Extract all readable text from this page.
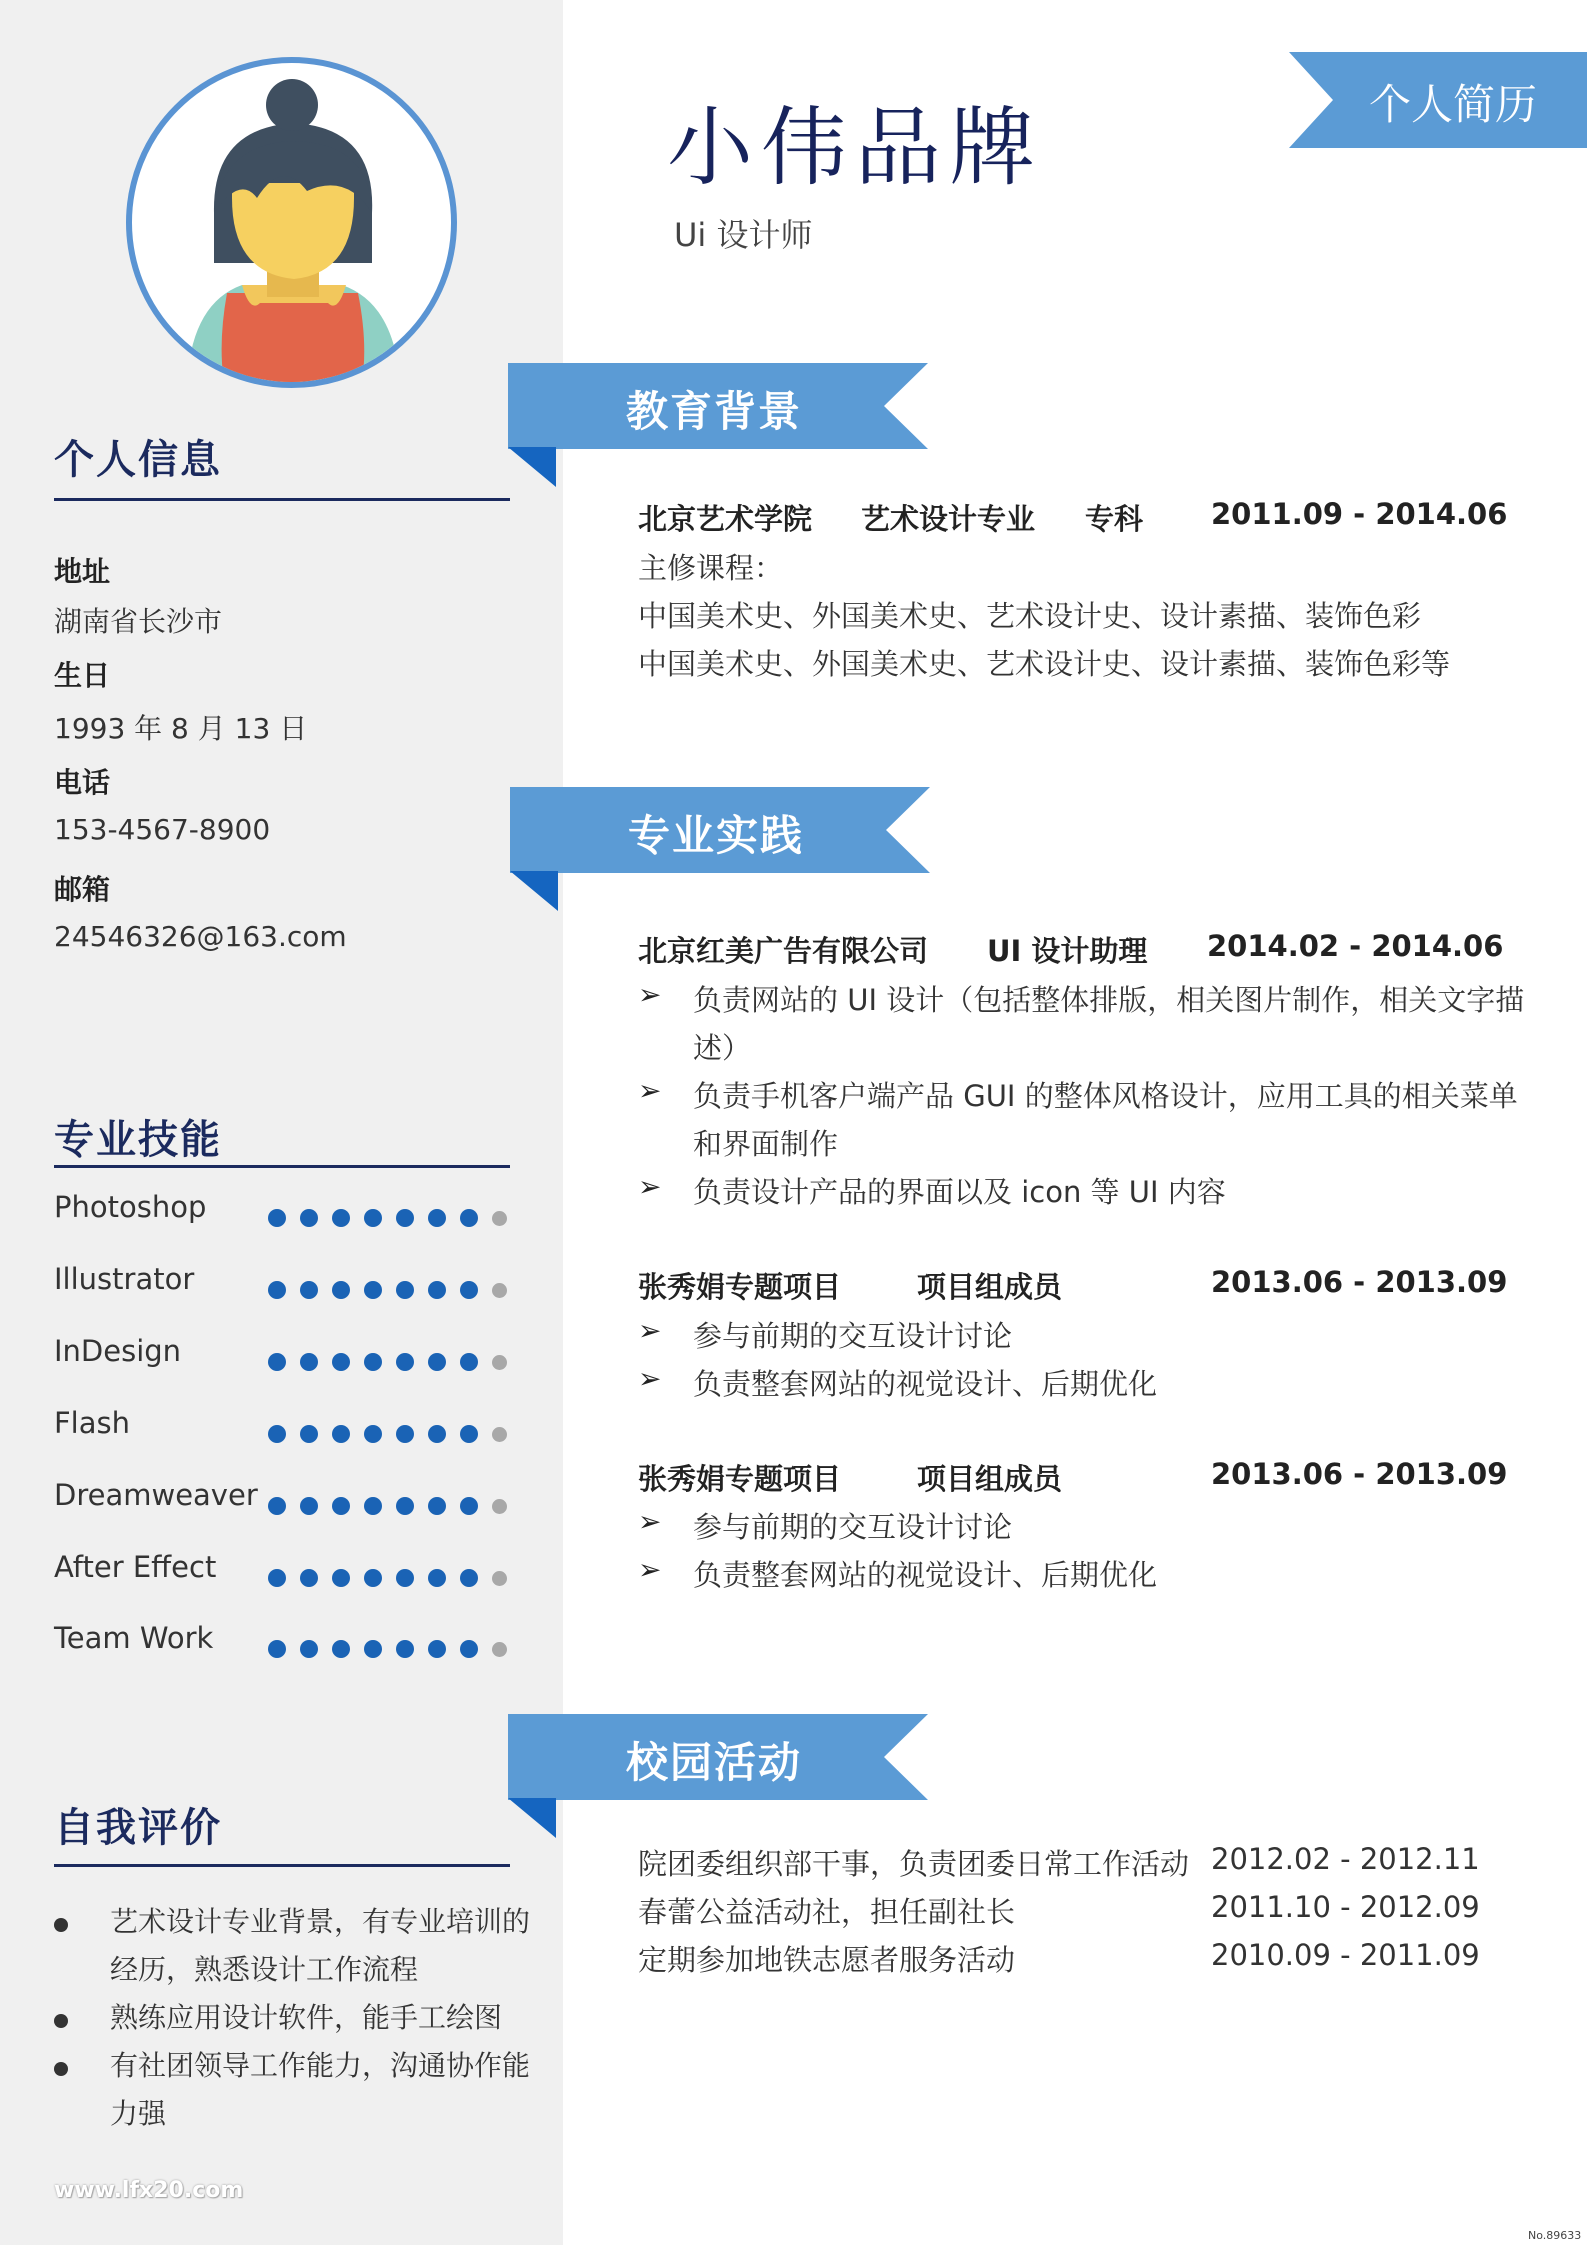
个人信息
地址
湖南省长沙市
生日
1993 年 8 月 13 日
电话
153-4567-8900
邮箱
24546326@163.com
专业技能
Photoshop
Illustrator
InDesign
Flash
Dreamweaver
After Effect
Team Work
自我评价
艺术设计专业背景，有专业培训的
经历，熟悉设计工作流程
熟练应用设计软件，能手工绘图
有社团领导工作能力，沟通协作能
力强
www.lfx20.com
小伟品牌
Ui 设计师
个人简历
教育背景
北京艺术学院 艺术设计专业 专科 2011.09 - 2014.06
主修课程：
中国美术史、外国美术史、艺术设计史、设计素描、装饰色彩
中国美术史、外国美术史、艺术设计史、设计素描、装饰色彩等
专业实践
北京红美广告有限公司 UI 设计助理 2014.02 - 2014.06
➢ 负责网站的 UI 设计（包括整体排版，相关图片制作，相关文字描
述）
➢ 负责手机客户端产品 GUI 的整体风格设计，应用工具的相关菜单
和界面制作
➢ 负责设计产品的界面以及 icon 等 UI 内容
张秀娟专题项目	项目组成员	2013.06 - 2013.09
➢ 参与前期的交互设计讨论
➢ 负责整套网站的视觉设计、后期优化
张秀娟专题项目	项目组成员	2013.06 - 2013.09
➢ 参与前期的交互设计讨论
➢ 负责整套网站的视觉设计、后期优化
校园活动
院团委组织部干事，负责团委日常工作活动 2012.02 - 2012.11
春蕾公益活动社，担任副社长	2011.10 - 2012.09
定期参加地铁志愿者服务活动	2010.09 - 2011.09
No.89633
